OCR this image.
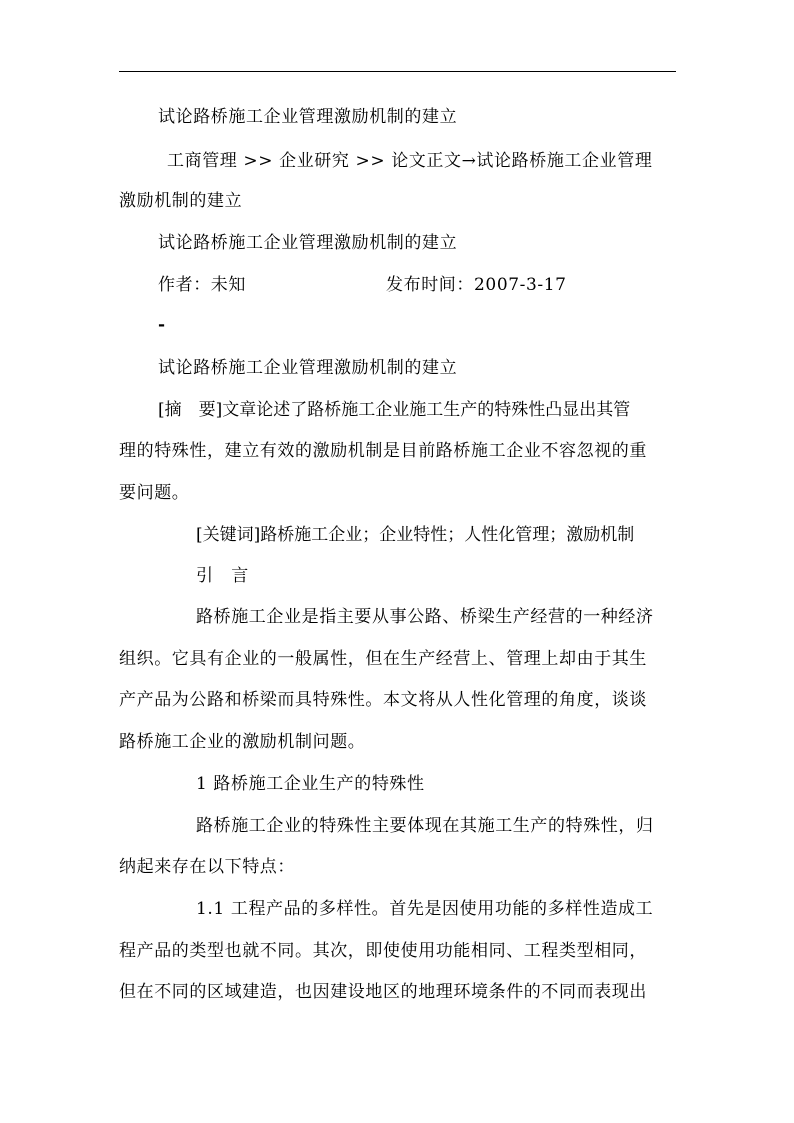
试论路桥施工企业管理激励机制的建立
工商管理 >> 企业研究 >> 论文正文→试论路桥施工企业管理
激励机制的建立
试论路桥施工企业管理激励机制的建立
作者：未知	发布时间：2007-3-17
-
试论路桥施工企业管理激励机制的建立
[摘　要]文章论述了路桥施工企业施工生产的特殊性凸显出其管
理的特殊性，建立有效的激励机制是目前路桥施工企业不容忽视的重
要问题。
[关键词]路桥施工企业；企业特性；人性化管理；激励机制
引　言
路桥施工企业是指主要从事公路、桥梁生产经营的一种经济
组织。它具有企业的一般属性，但在生产经营上、管理上却由于其生
产产品为公路和桥梁而具特殊性。本文将从人性化管理的角度，谈谈
路桥施工企业的激励机制问题。
1 路桥施工企业生产的特殊性
路桥施工企业的特殊性主要体现在其施工生产的特殊性，归
纳起来存在以下特点：
1.1 工程产品的多样性。首先是因使用功能的多样性造成工
程产品的类型也就不同。其次，即使使用功能相同、工程类型相同，
但在不同的区域建造，也因建设地区的地理环境条件的不同而表现出
